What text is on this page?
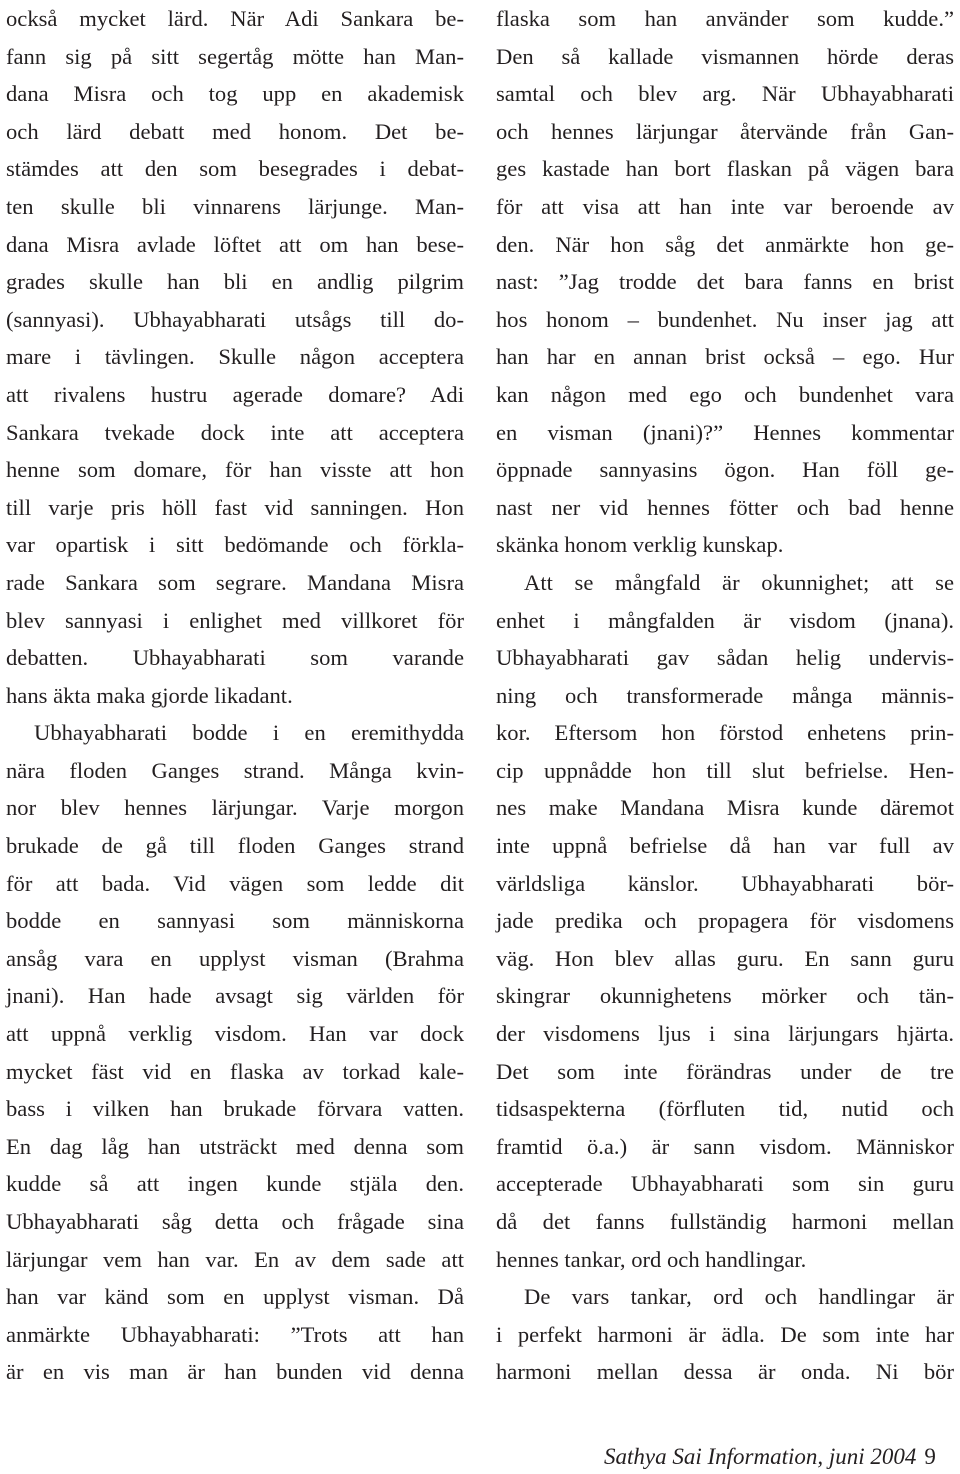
också mycket lärd. När Adi Sankara be-
fann sig på sitt segertåg mötte han Man-
dana Misra och tog upp en akademisk
och lärd debatt med honom. Det be-
stämdes att den som besegrades i debat-
ten skulle bli vinnarens lärjunge. Man-
dana Misra avlade löftet att om han bese-
grades skulle han bli en andlig pilgrim
(sannyasi). Ubhayabharati utsågs till do-
mare i tävlingen. Skulle någon acceptera
att rivalens hustru agerade domare? Adi
Sankara tvekade dock inte att acceptera
henne som domare, för han visste att hon
till varje pris höll fast vid sanningen. Hon
var opartisk i sitt bedömande och förkla-
rade Sankara som segrare. Mandana Misra
blev sannyasi i enlighet med villkoret för
debatten. Ubhayabharati som varande
hans äkta maka gjorde likadant.
Ubhayabharati bodde i en eremithydda
nära floden Ganges strand. Många kvin-
nor blev hennes lärjungar. Varje morgon
brukade de gå till floden Ganges strand
för att bada. Vid vägen som ledde dit
bodde en sannyasi som människorna
ansåg vara en upplyst visman (Brahma
jnani). Han hade avsagt sig världen för
att uppnå verklig visdom. Han var dock
mycket fäst vid en flaska av torkad kale-
bass i vilken han brukade förvara vatten.
En dag låg han utsträckt med denna som
kudde så att ingen kunde stjäla den.
Ubhayabharati såg detta och frågade sina
lärjungar vem han var. En av dem sade att
han var känd som en upplyst visman. Då
anmärkte Ubhayabharati: ”Trots att han
är en vis man är han bunden vid denna
flaska som han använder som kudde.”
Den så kallade vismannen hörde deras
samtal och blev arg. När Ubhayabharati
och hennes lärjungar återvände från Gan-
ges kastade han bort flaskan på vägen bara
för att visa att han inte var beroende av
den. När hon såg det anmärkte hon ge-
nast: ”Jag trodde det bara fanns en brist
hos honom – bundenhet. Nu inser jag att
han har en annan brist också – ego. Hur
kan någon med ego och bundenhet vara
en visman (jnani)?” Hennes kommentar
öppnade sannyasins ögon. Han föll ge-
nast ner vid hennes fötter och bad henne
skänka honom verklig kunskap.
Att se mångfald är okunnighet; att se
enhet i mångfalden är visdom (jnana).
Ubhayabharati gav sådan helig undervis-
ning och transformerade många männis-
kor. Eftersom hon förstod enhetens prin-
cip uppnådde hon till slut befrielse. Hen-
nes make Mandana Misra kunde däremot
inte uppnå befrielse då han var full av
världsliga känslor. Ubhayabharati bör-
jade predika och propagera för visdomens
väg. Hon blev allas guru. En sann guru
skingrar okunnighetens mörker och tän-
der visdomens ljus i sina lärjungars hjärta.
Det som inte förändras under de tre
tidsaspekterna (förfluten tid, nutid och
framtid ö.a.) är sann visdom. Människor
accepterade Ubhayabharati som sin guru
då det fanns fullständig harmoni mellan
hennes tankar, ord och handlingar.
De vars tankar, ord och handlingar är
i perfekt harmoni är ädla. De som inte har
harmoni mellan dessa är onda. Ni bör
Sathya Sai Information, juni 2004 9
